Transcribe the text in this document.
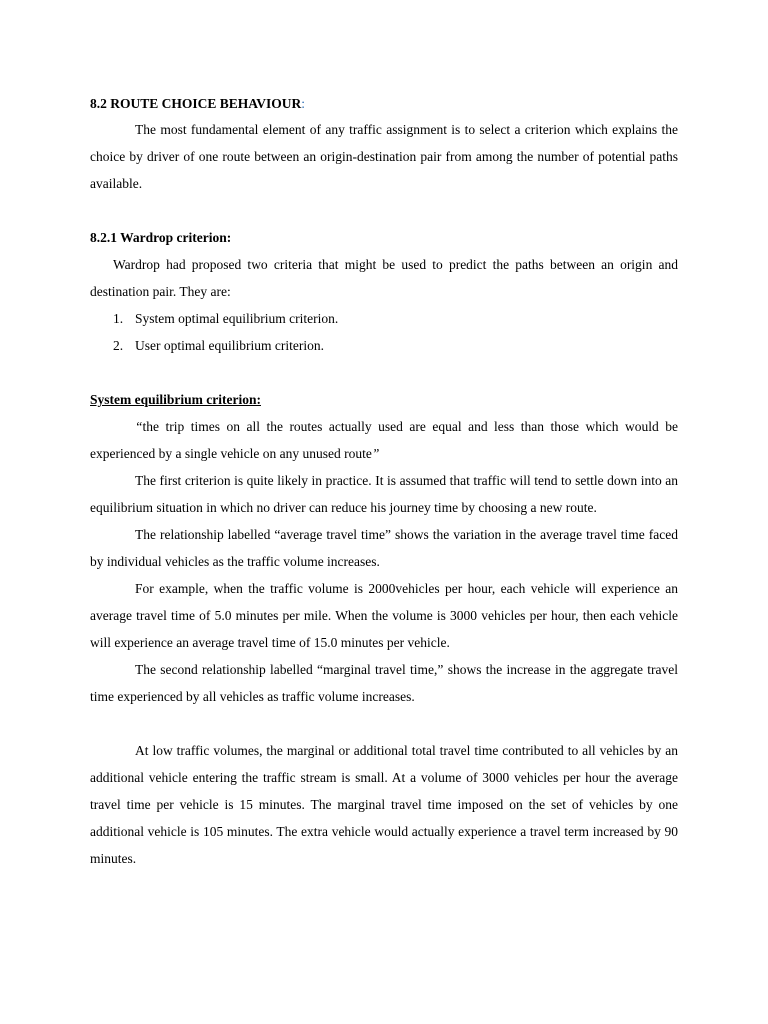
8.2 ROUTE CHOICE BEHAVIOUR:

The most fundamental element of any traffic assignment is to select a criterion which explains the choice by driver of one route between an origin-destination pair from among the number of potential paths available.

8.2.1 Wardrop criterion:

Wardrop had proposed two criteria that might be used to predict the paths between an origin and destination pair. They are:

1. System optimal equilibrium criterion.
2. User optimal equilibrium criterion.
System equilibrium criterion:

“the trip times on all the routes actually used are equal and less than those which would be experienced by a single vehicle on any unused route”

The first criterion is quite likely in practice. It is assumed that traffic will tend to settle down into an equilibrium situation in which no driver can reduce his journey time by choosing a new route.

The relationship labelled “average travel time” shows the variation in the average travel time faced by individual vehicles as the traffic volume increases.

For example, when the traffic volume is 2000vehicles per hour, each vehicle will experience an average travel time of 5.0 minutes per mile. When the volume is 3000 vehicles per hour, then each vehicle will experience an average travel time of 15.0 minutes per vehicle.

The second relationship labelled “marginal travel time,” shows the increase in the aggregate travel time experienced by all vehicles as traffic volume increases.

At low traffic volumes, the marginal or additional total travel time contributed to all vehicles by an additional vehicle entering the traffic stream is small. At a volume of 3000 vehicles per hour the average travel time per vehicle is 15 minutes. The marginal travel time imposed on the set of vehicles by one additional vehicle is 105 minutes. The extra vehicle would actually experience a travel term increased by 90 minutes.
